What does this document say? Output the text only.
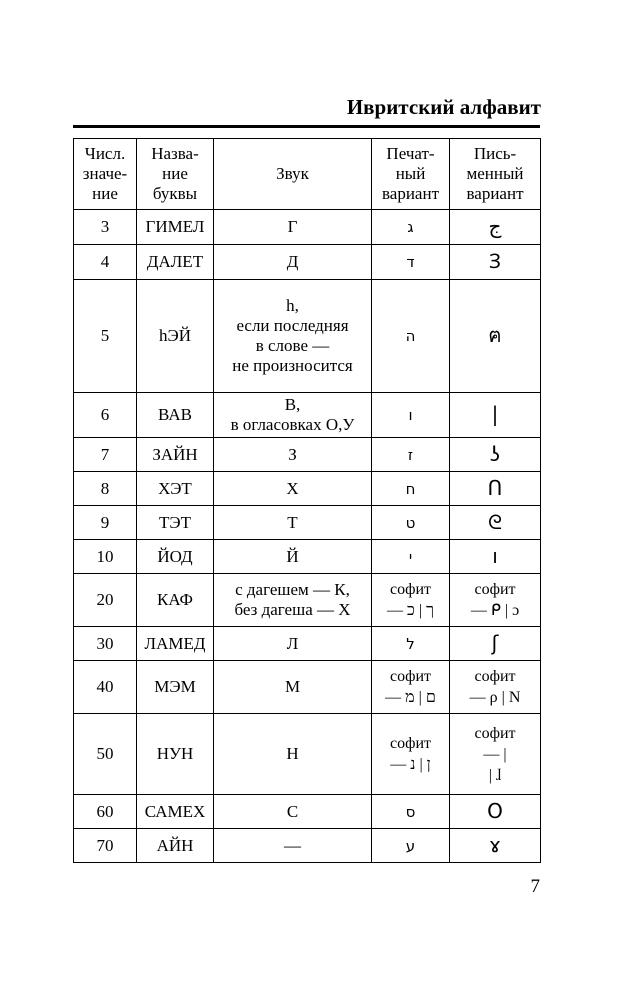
Ивритский алфавит
Числ.
значе-
ние	Назва-
ние
буквы	Звук	Печат-
ный
вариант	Пись-
менный
вариант
3	ГИМЕЛ	Г	ג	ج
4	ДАЛЕТ	Д	ד	Ɜ
5	hЭЙ	h,
если последняя
в слове —
не произносится	ה	ฅ
6	ВАВ	В,
в огласовках О,У	ו	|
7	ЗАЙН	З	ז	ʖ
8	ХЭТ	Х	ח	Ո
9	ТЭТ	Т	ט	ᘓ
10	ЙОД	Й	י	ı
20	КАФ	с дагешем — К,
без дагеша — Х	софит
— ך | כ	софит
— ᑭ | ɔ
30	ЛАМЕД	Л	ל	ʃ
40	МЭМ	М	софит
— ם | מ	софит
— ρ | N
50	НУН	Н	софит
— ן | נ	софит
— |
| ɺ
60	САМЕХ	С	ס	O
70	АЙН	—	ע	ɤ
7
